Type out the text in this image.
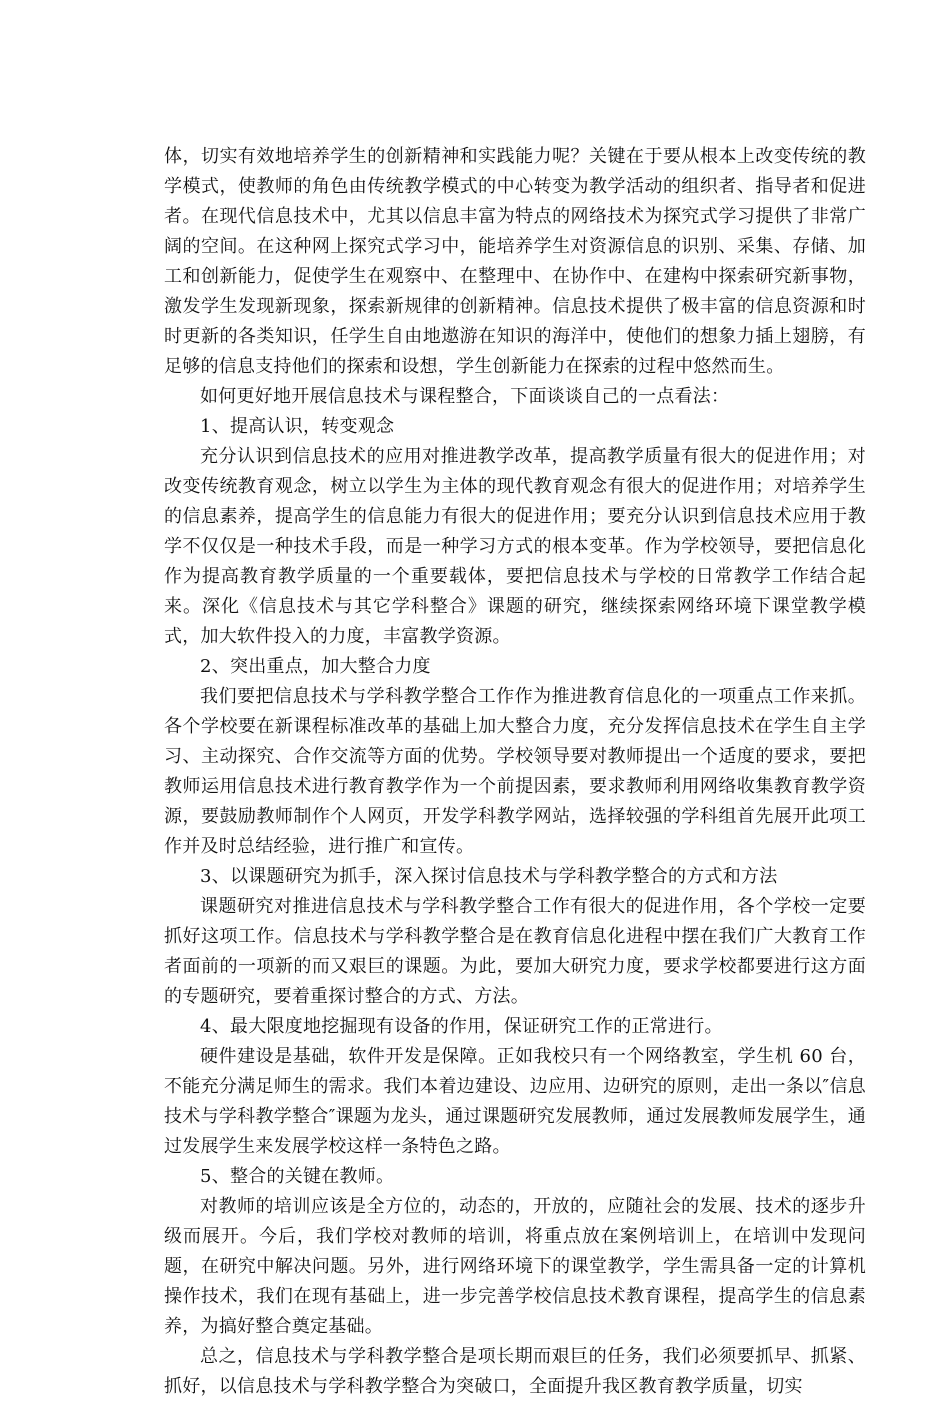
体，切实有效地培养学生的创新精神和实践能力呢？关键在于要从根本上改变传统的教学模式，使教师的角色由传统教学模式的中心转变为教学活动的组织者、指导者和促进者。在现代信息技术中，尤其以信息丰富为特点的网络技术为探究式学习提供了非常广阔的空间。在这种网上探究式学习中，能培养学生对资源信息的识别、采集、存储、加工和创新能力，促使学生在观察中、在整理中、在协作中、在建构中探索研究新事物，激发学生发现新现象，探索新规律的创新精神。信息技术提供了极丰富的信息资源和时时更新的各类知识，任学生自由地遨游在知识的海洋中，使他们的想象力插上翅膀，有足够的信息支持他们的探索和设想，学生创新能力在探索的过程中悠然而生。

如何更好地开展信息技术与课程整合，下面谈谈自己的一点看法：

1、提高认识，转变观念

充分认识到信息技术的应用对推进教学改革，提高教学质量有很大的促进作用；对改变传统教育观念，树立以学生为主体的现代教育观念有很大的促进作用；对培养学生的信息素养，提高学生的信息能力有很大的促进作用；要充分认识到信息技术应用于教学不仅仅是一种技术手段，而是一种学习方式的根本变革。作为学校领导，要把信息化作为提高教育教学质量的一个重要载体，要把信息技术与学校的日常教学工作结合起来。深化《信息技术与其它学科整合》课题的研究，继续探索网络环境下课堂教学模式，加大软件投入的力度，丰富教学资源。

2、突出重点，加大整合力度

我们要把信息技术与学科教学整合工作作为推进教育信息化的一项重点工作来抓。各个学校要在新课程标准改革的基础上加大整合力度，充分发挥信息技术在学生自主学习、主动探究、合作交流等方面的优势。学校领导要对教师提出一个适度的要求，要把教师运用信息技术进行教育教学作为一个前提因素，要求教师利用网络收集教育教学资源，要鼓励教师制作个人网页，开发学科教学网站，选择较强的学科组首先展开此项工作并及时总结经验，进行推广和宣传。

3、以课题研究为抓手，深入探讨信息技术与学科教学整合的方式和方法

课题研究对推进信息技术与学科教学整合工作有很大的促进作用，各个学校一定要抓好这项工作。信息技术与学科教学整合是在教育信息化进程中摆在我们广大教育工作者面前的一项新的而又艰巨的课题。为此，要加大研究力度，要求学校都要进行这方面的专题研究，要着重探讨整合的方式、方法。

4、最大限度地挖掘现有设备的作用，保证研究工作的正常进行。

硬件建设是基础，软件开发是保障。正如我校只有一个网络教室，学生机 60 台，不能充分满足师生的需求。我们本着边建设、边应用、边研究的原则，走出一条以″信息技术与学科教学整合″课题为龙头，通过课题研究发展教师，通过发展教师发展学生，通过发展学生来发展学校这样一条特色之路。

5、整合的关键在教师。

对教师的培训应该是全方位的，动态的，开放的，应随社会的发展、技术的逐步升级而展开。今后，我们学校对教师的培训，将重点放在案例培训上，在培训中发现问题，在研究中解决问题。另外，进行网络环境下的课堂教学，学生需具备一定的计算机操作技术，我们在现有基础上，进一步完善学校信息技术教育课程，提高学生的信息素养，为搞好整合奠定基础。

总之，信息技术与学科教学整合是项长期而艰巨的任务，我们必须要抓早、抓紧、抓好，以信息技术与学科教学整合为突破口，全面提升我区教育教学质量，切实
